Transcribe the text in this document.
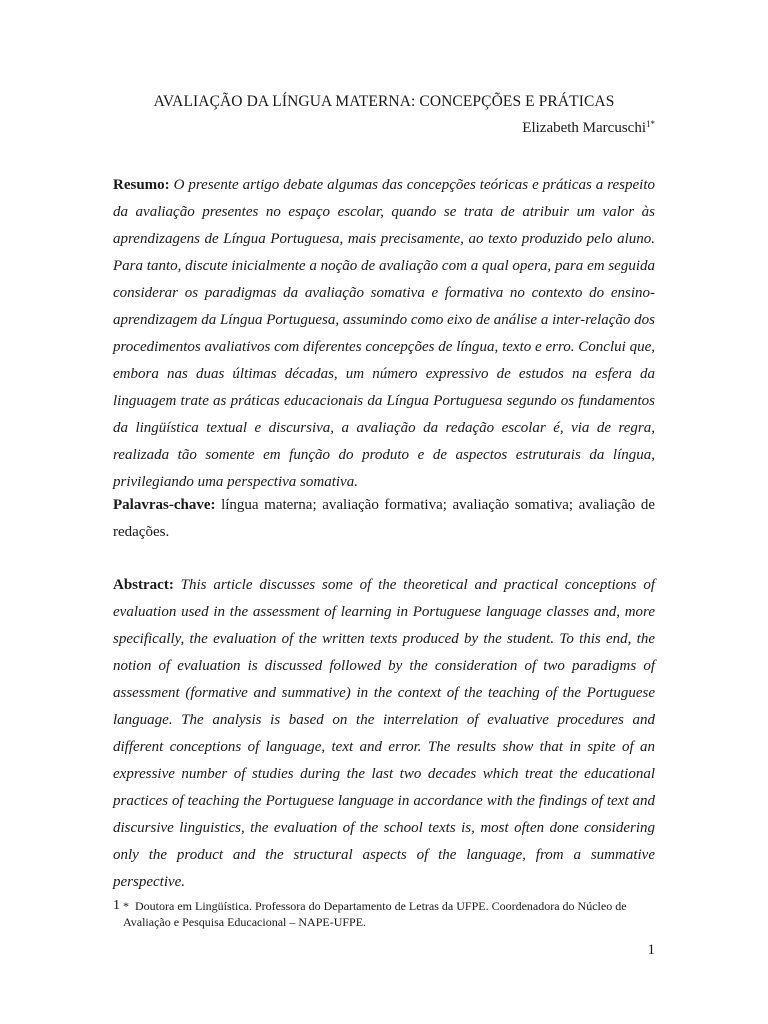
AVALIAÇÃO DA LÍNGUA MATERNA: CONCEPÇÕES E PRÁTICAS
Elizabeth Marcuschi$^{1*}$

Resumo: O presente artigo debate algumas das concepções teóricas e práticas a respeito da avaliação presentes no espaço escolar, quando se trata de atribuir um valor às aprendizagens de Língua Portuguesa, mais precisamente, ao texto produzido pelo aluno. Para tanto, discute inicialmente a noção de avaliação com a qual opera, para em seguida considerar os paradigmas da avaliação somativa e formativa no contexto do ensino-aprendizagem da Língua Portuguesa, assumindo como eixo de análise a inter-relação dos procedimentos avaliativos com diferentes concepções de língua, texto e erro. Conclui que, embora nas duas últimas décadas, um número expressivo de estudos na esfera da linguagem trate as práticas educacionais da Língua Portuguesa segundo os fundamentos da lingüística textual e discursiva, a avaliação da redação escolar é, via de regra, realizada tão somente em função do produto e de aspectos estruturais da língua, privilegiando uma perspectiva somativa.

Palavras-chave: língua materna; avaliação formativa; avaliação somativa; avaliação de redações.

Abstract: This article discusses some of the theoretical and practical conceptions of evaluation used in the assessment of learning in Portuguese language classes and, more specifically, the evaluation of the written texts produced by the student. To this end, the notion of evaluation is discussed followed by the consideration of two paradigms of assessment (formative and summative) in the context of the teaching of the Portuguese language. The analysis is based on the interrelation of evaluative procedures and different conceptions of language, text and error. The results show that in spite of an expressive number of studies during the last two decades which treat the educational practices of teaching the Portuguese language in accordance with the findings of text and discursive linguistics, the evaluation of the school texts is, most often done considering only the product and the structural aspects of the language, from a summative perspective.

1 * Doutora em Lingüística. Professora do Departamento de Letras da UFPE. Coordenadora do Núcleo de Avaliação e Pesquisa Educacional – NAPE-UFPE.
1
